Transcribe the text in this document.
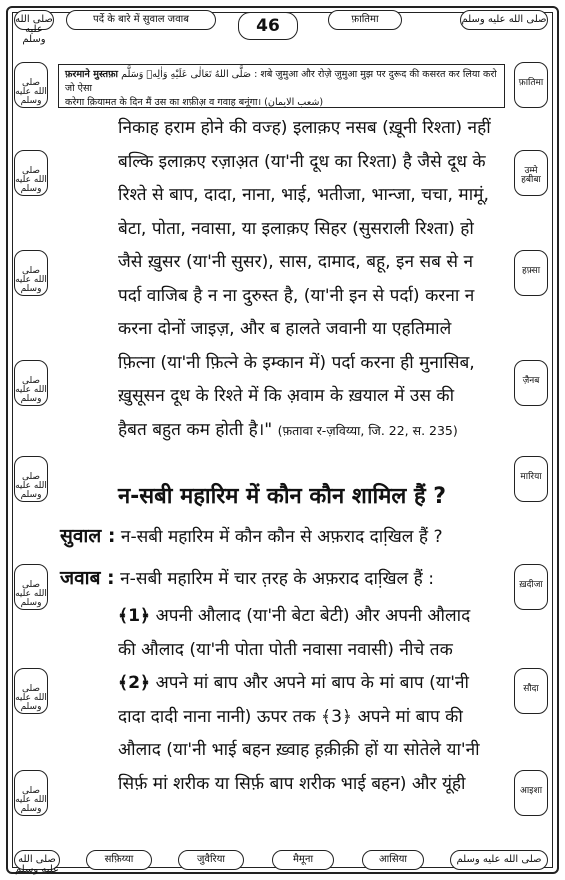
صلى الله عليه وسلم
पर्दे के बारे में सुवाल जवाब	46	फ़ातिमा	صلى الله عليه وسلم
फ़रमाने मुस्तफ़ा صَلَّى اللهُ تَعَالٰى عَلَيْهِ وَاٰلِهٖ وَسَلَّم : शबे जुमुआ और रोज़े जुमुआ मुझ पर दुरूद की कसरत कर लिया करो जो ऐसा
करेगा क़ियामत के दिन मैं उस का शफ़ीअ़ व गवाह बनूंगा। (شعب الایمان)
صلى الله عليه وسلم
صلى الله عليه وسلم
صلى الله عليه وسلم
صلى الله عليه وسلم
صلى الله عليه وسلم
صلى الله عليه وسلم
صلى الله عليه وسلم
صلى الله عليه وسلم
फ़ातिमा
उम्मे हबीबा
हफ़्सा
ज़ैनब
मारिया
ख़दीजा
सौदा
आइशा
निकाह हराम होने की वज्ह) इलाक़ए नसब (ख़ूनी रिश्ता) नहीं
बल्कि इलाक़ए रज़ाअ़त (या'नी दूध का रिश्ता) है जैसे दूध के
रिश्ते से बाप, दादा, नाना, भाई, भतीजा, भान्जा, चचा, मामूं,
बेटा, पोता, नवासा, या इलाक़ए सिहर (सुसराली रिश्ता) हो
जैसे ख़ुसर (या'नी सुसर), सास, दामाद, बहू, इन सब से न
पर्दा वाजिब है न ना दुरुस्त है, (या'नी इन से पर्दा) करना न
करना दोनों जाइज़, और ब हालते जवानी या एहतिमाले
फ़ित्ना (या'नी फ़ित्ने के इम्कान में) पर्दा करना ही मुनासिब,
ख़ुसूसन दूध के रिश्ते में कि अ़वाम के ख़याल में उस की
हैबत बहुत कम होती है।" (फ़तावा र-ज़विय्या, जि. 22, स. 235)
न-सबी महारिम में कौन कौन शामिल हैं ?
सुवाल : न-सबी महारिम में कौन कौन से अफ़राद दाखि़ल हैं ?
जवाब : न-सबी महारिम में चार त़रह के अफ़राद दाखि़ल हैं :
﴾1﴿ अपनी औलाद (या'नी बेटा बेटी) और अपनी औलाद
की औलाद (या'नी पोता पोती नवासा नवासी) नीचे तक
﴾2﴿ अपने मां बाप और अपने मां बाप के मां बाप (या'नी
दादा दादी नाना नानी) ऊपर तक ﴾3﴿ अपने मां बाप की
औलाद (या'नी भाई बहन ख़्वाह ह़क़ीक़ी हों या सोतेले या'नी
सिर्फ़ मां शरीक या सिर्फ़ बाप शरीक भाई बहन) और यूंही
صلى الله عليه وسلم
सफ़िय्या	जुवैरिया	मैमूना	आसिया	صلى الله عليه وسلم
